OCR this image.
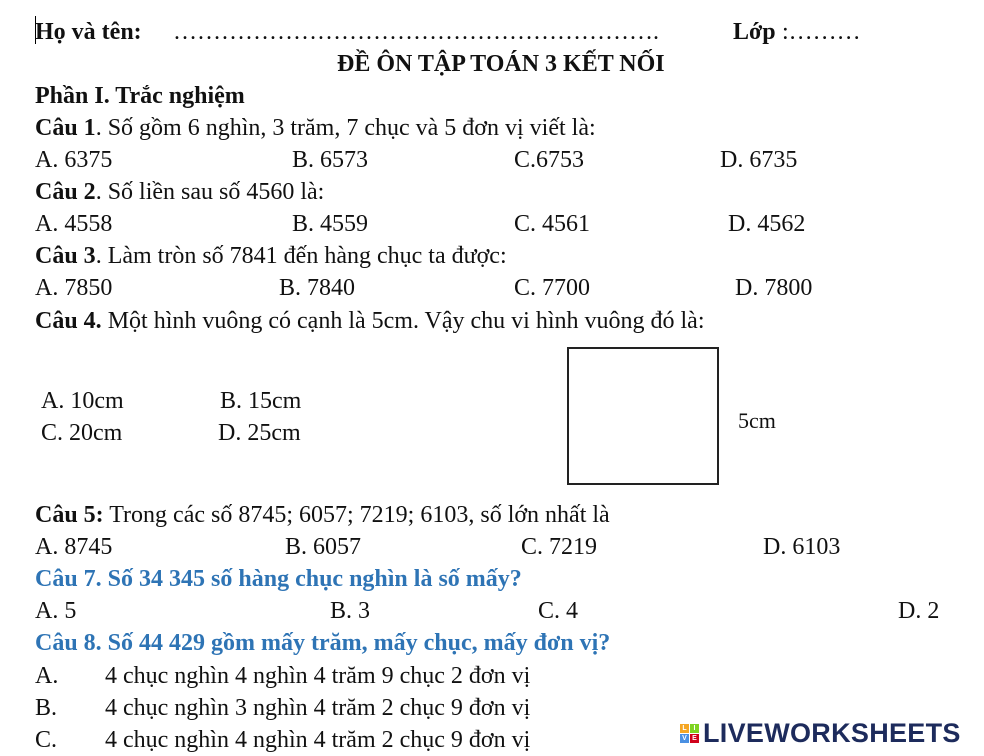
Họ và tên: …………………………………………………….	Lớp :………
ĐỀ ÔN TẬP TOÁN 3 KẾT NỐI
Phần I. Trắc nghiệm
Câu 1. Số gồm 6 nghìn, 3 trăm, 7 chục và 5 đơn vị viết là:
A. 6375	B. 6573	C.6753	D. 6735
Câu 2. Số liền sau số 4560 là:
A. 4558	B. 4559	C. 4561	D. 4562
Câu 3. Làm tròn số 7841 đến hàng chục ta được:
A. 7850	B. 7840	C. 7700	D. 7800
Câu 4. Một hình vuông có cạnh là 5cm. Vậy chu vi hình vuông đó là:
A. 10cm	B. 15cm
C. 20cm	D. 25cm	5cm
Câu 5: Trong các số 8745; 6057; 7219; 6103, số lớn nhất là
A. 8745	B. 6057	C. 7219	D. 6103
Câu 7. Số 34 345 số hàng chục nghìn là số mấy?
A. 5	B. 3	C. 4	D. 2
Câu 8. Số 44 429 gồm mấy trăm, mấy chục, mấy đơn vị?
A. 4 chục nghìn 4 nghìn 4 trăm 9 chục 2 đơn vị
B. 4 chục nghìn 3 nghìn 4 trăm 2 chục 9 đơn vị
C. 4 chục nghìn 4 nghìn 4 trăm 2 chục 9 đơn vị	L I
V E LIVEWORKSHEETS
